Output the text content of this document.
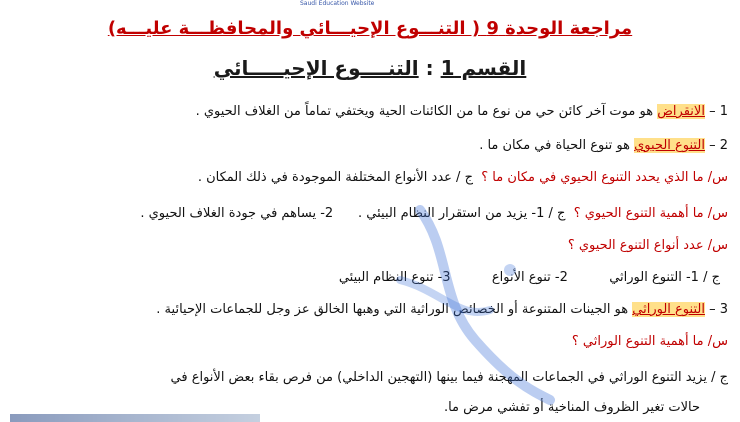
Saudi Education Website
مراجعة الوحدة 9 ( التنـــوع الإحيـــائي والمحافظـــة عليـــه)
القسم 1 : التنــــوع الإحيـــــائي
1 – الانقراض هو موت آخر كائن حي من نوع ما من الكائنات الحية ويختفي تماماً من الغلاف الحيوي .
2 – التنوع الحيوي هو تنوع الحياة في مكان ما .
س/ ما الذي يحدد التنوع الحيوي في مكان ما ؟  ج / عدد الأنواع المختلفة الموجودة في ذلك المكان .
س/ ما أهمية التنوع الحيوي ؟  ج / 1- يزيد من استقرار النظام البيئي .      2- يساهم في جودة الغلاف الحيوي .
س/ عدد أنواع التنوع الحيوي ؟
ج / 1- التنوع الوراثي          2- تنوع الأنواع          3- تنوع النظام البيئي
3 – التنوع الوراثي هو الجينات المتنوعة أو الخصائص الوراثية التي وهبها الخالق عز وجل للجماعات الإحيائية .
س/ ما أهمية التنوع الوراثي ؟
ج / يزيد التنوع الوراثي في الجماعات المهجنة فيما بينها (التهجين الداخلي) من فرص بقاء بعض الأنواع في
حالات تغير الظروف المناخية أو تفشي مرض ما.
